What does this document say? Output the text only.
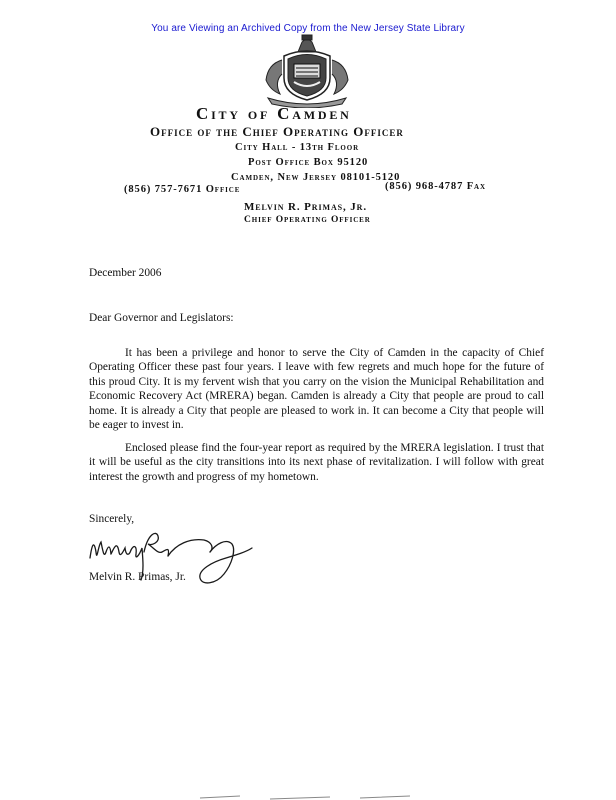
You are Viewing an Archived Copy from the New Jersey State Library
City of Camden
Office of the Chief Operating Officer
City Hall - 13th Floor
Post Office Box 95120
Camden, New Jersey 08101-5120
(856) 757-7671 Office	(856) 968-4787 Fax
Melvin R. Primas, Jr.
Chief Operating Officer
December 2006
Dear Governor and Legislators:
It has been a privilege and honor to serve the City of Camden in the capacity of Chief Operating Officer these past four years. I leave with few regrets and much hope for the future of this proud City. It is my fervent wish that you carry on the vision the Municipal Rehabilitation and Economic Recovery Act (MRERA) began. Camden is already a City that people are proud to call home. It is already a City that people are pleased to work in. It can become a City that people will be eager to invest in.
Enclosed please find the four-year report as required by the MRERA legislation. I trust that it will be useful as the city transitions into its next phase of revitalization. I will follow with great interest the growth and progress of my hometown.
Sincerely,
Melvin R. Primas, Jr.
